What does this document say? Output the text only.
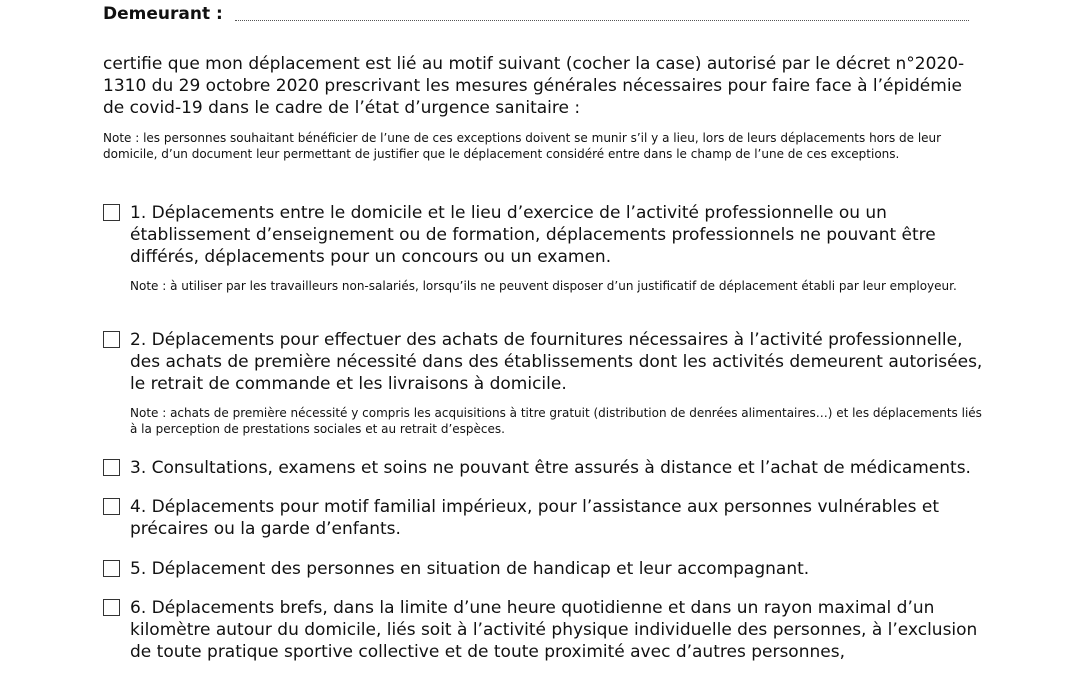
Demeurant :

certifie que mon déplacement est lié au motif suivant (cocher la case) autorisé par le décret n°2020-1310 du 29 octobre 2020 prescrivant les mesures générales nécessaires pour faire face à l’épidémie de covid-19 dans le cadre de l’état d’urgence sanitaire :

Note : les personnes souhaitant bénéficier de l’une de ces exceptions doivent se munir s’il y a lieu, lors de leurs déplacements hors de leur domicile, d’un document leur permettant de justifier que le déplacement considéré entre dans le champ de l’une de ces exceptions.

1. Déplacements entre le domicile et le lieu d’exercice de l’activité professionnelle ou un établissement d’enseignement ou de formation, déplacements professionnels ne pouvant être différés, déplacements pour un concours ou un examen.

Note : à utiliser par les travailleurs non-salariés, lorsqu’ils ne peuvent disposer d’un justificatif de déplacement établi par leur employeur.

2. Déplacements pour effectuer des achats de fournitures nécessaires à l’activité professionnelle, des achats de première nécessité dans des établissements dont les activités demeurent autorisées, le retrait de commande et les livraisons à domicile.

Note : achats de première nécessité y compris les acquisitions à titre gratuit (distribution de denrées alimentaires…) et les déplacements liés à la perception de prestations sociales et au retrait d’espèces.

3. Consultations, examens et soins ne pouvant être assurés à distance et l’achat de médicaments.

4. Déplacements pour motif familial impérieux, pour l’assistance aux personnes vulnérables et précaires ou la garde d’enfants.

5. Déplacement des personnes en situation de handicap et leur accompagnant.

6. Déplacements brefs, dans la limite d’une heure quotidienne et dans un rayon maximal d’un kilomètre autour du domicile, liés soit à l’activité physique individuelle des personnes, à l’exclusion de toute pratique sportive collective et de toute proximité avec d’autres personnes,
